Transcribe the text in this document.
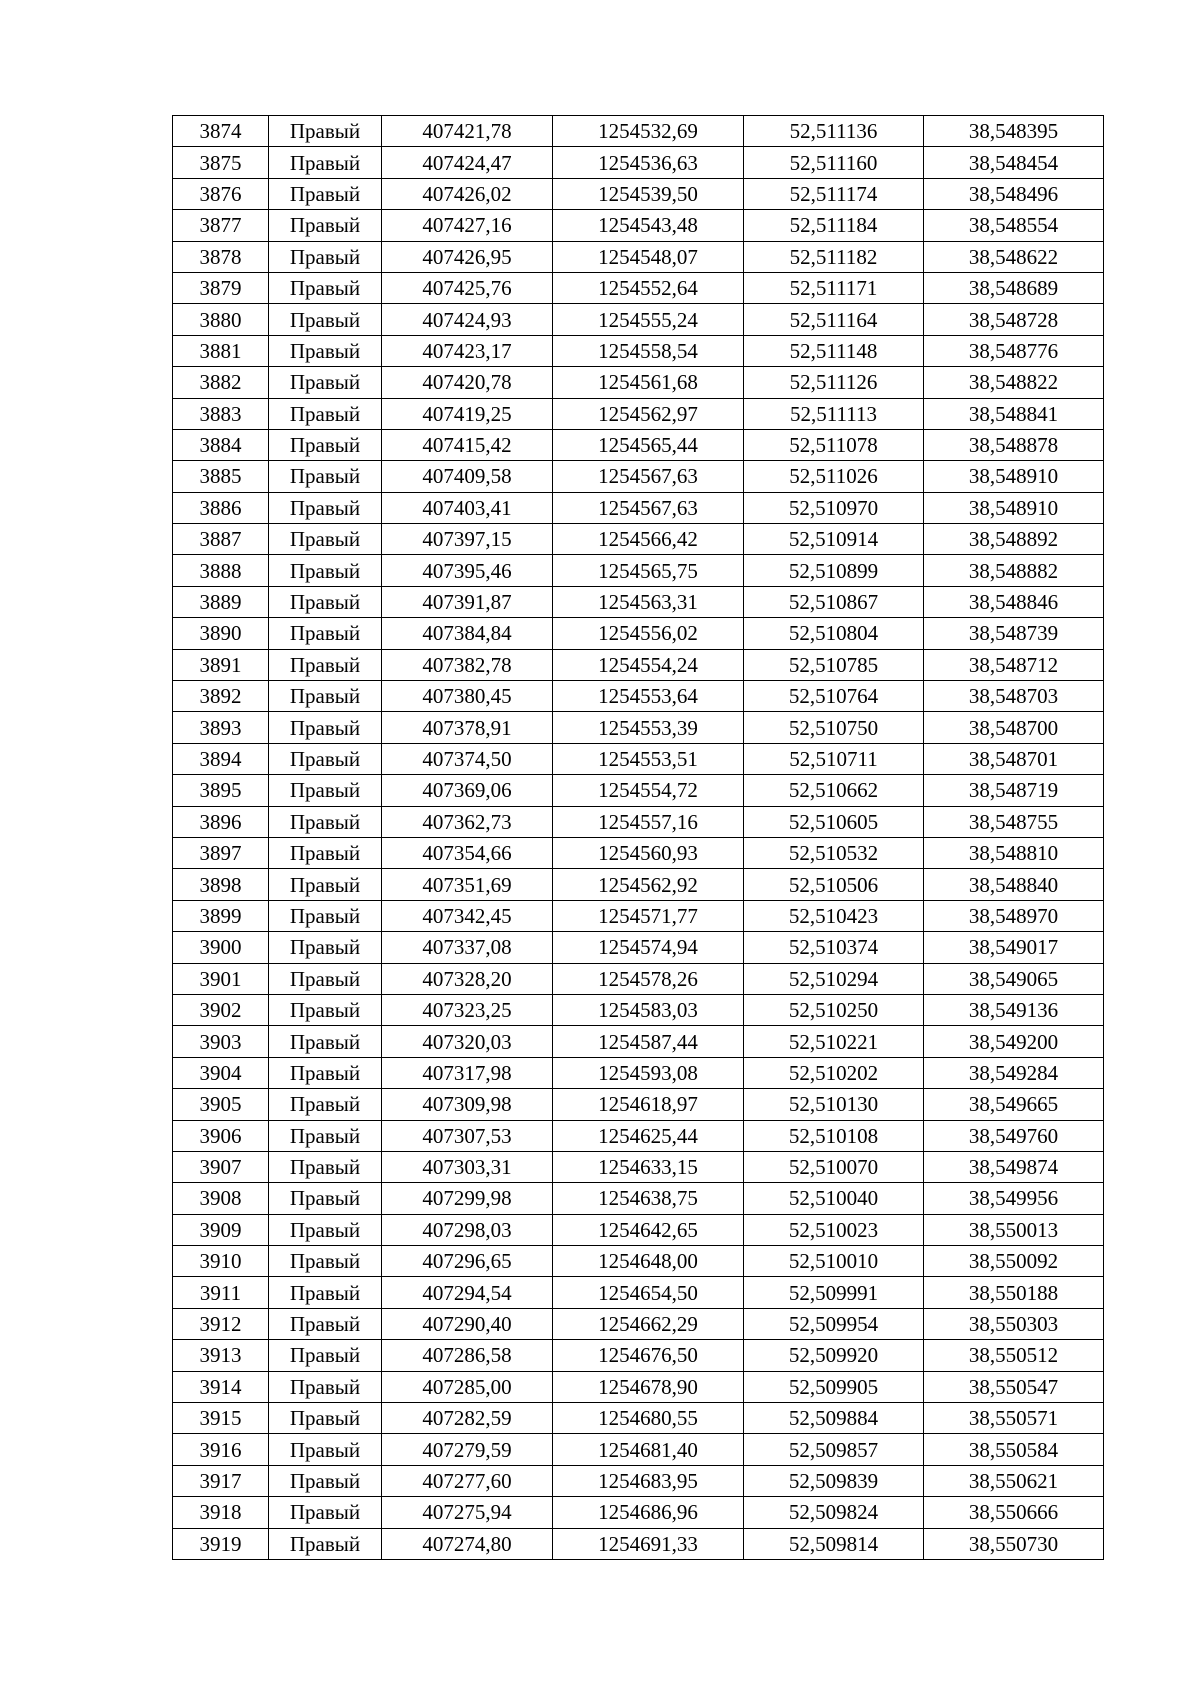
3874	Правый	407421,78	1254532,69	52,511136	38,548395
3875	Правый	407424,47	1254536,63	52,511160	38,548454
3876	Правый	407426,02	1254539,50	52,511174	38,548496
3877	Правый	407427,16	1254543,48	52,511184	38,548554
3878	Правый	407426,95	1254548,07	52,511182	38,548622
3879	Правый	407425,76	1254552,64	52,511171	38,548689
3880	Правый	407424,93	1254555,24	52,511164	38,548728
3881	Правый	407423,17	1254558,54	52,511148	38,548776
3882	Правый	407420,78	1254561,68	52,511126	38,548822
3883	Правый	407419,25	1254562,97	52,511113	38,548841
3884	Правый	407415,42	1254565,44	52,511078	38,548878
3885	Правый	407409,58	1254567,63	52,511026	38,548910
3886	Правый	407403,41	1254567,63	52,510970	38,548910
3887	Правый	407397,15	1254566,42	52,510914	38,548892
3888	Правый	407395,46	1254565,75	52,510899	38,548882
3889	Правый	407391,87	1254563,31	52,510867	38,548846
3890	Правый	407384,84	1254556,02	52,510804	38,548739
3891	Правый	407382,78	1254554,24	52,510785	38,548712
3892	Правый	407380,45	1254553,64	52,510764	38,548703
3893	Правый	407378,91	1254553,39	52,510750	38,548700
3894	Правый	407374,50	1254553,51	52,510711	38,548701
3895	Правый	407369,06	1254554,72	52,510662	38,548719
3896	Правый	407362,73	1254557,16	52,510605	38,548755
3897	Правый	407354,66	1254560,93	52,510532	38,548810
3898	Правый	407351,69	1254562,92	52,510506	38,548840
3899	Правый	407342,45	1254571,77	52,510423	38,548970
3900	Правый	407337,08	1254574,94	52,510374	38,549017
3901	Правый	407328,20	1254578,26	52,510294	38,549065
3902	Правый	407323,25	1254583,03	52,510250	38,549136
3903	Правый	407320,03	1254587,44	52,510221	38,549200
3904	Правый	407317,98	1254593,08	52,510202	38,549284
3905	Правый	407309,98	1254618,97	52,510130	38,549665
3906	Правый	407307,53	1254625,44	52,510108	38,549760
3907	Правый	407303,31	1254633,15	52,510070	38,549874
3908	Правый	407299,98	1254638,75	52,510040	38,549956
3909	Правый	407298,03	1254642,65	52,510023	38,550013
3910	Правый	407296,65	1254648,00	52,510010	38,550092
3911	Правый	407294,54	1254654,50	52,509991	38,550188
3912	Правый	407290,40	1254662,29	52,509954	38,550303
3913	Правый	407286,58	1254676,50	52,509920	38,550512
3914	Правый	407285,00	1254678,90	52,509905	38,550547
3915	Правый	407282,59	1254680,55	52,509884	38,550571
3916	Правый	407279,59	1254681,40	52,509857	38,550584
3917	Правый	407277,60	1254683,95	52,509839	38,550621
3918	Правый	407275,94	1254686,96	52,509824	38,550666
3919	Правый	407274,80	1254691,33	52,509814	38,550730
